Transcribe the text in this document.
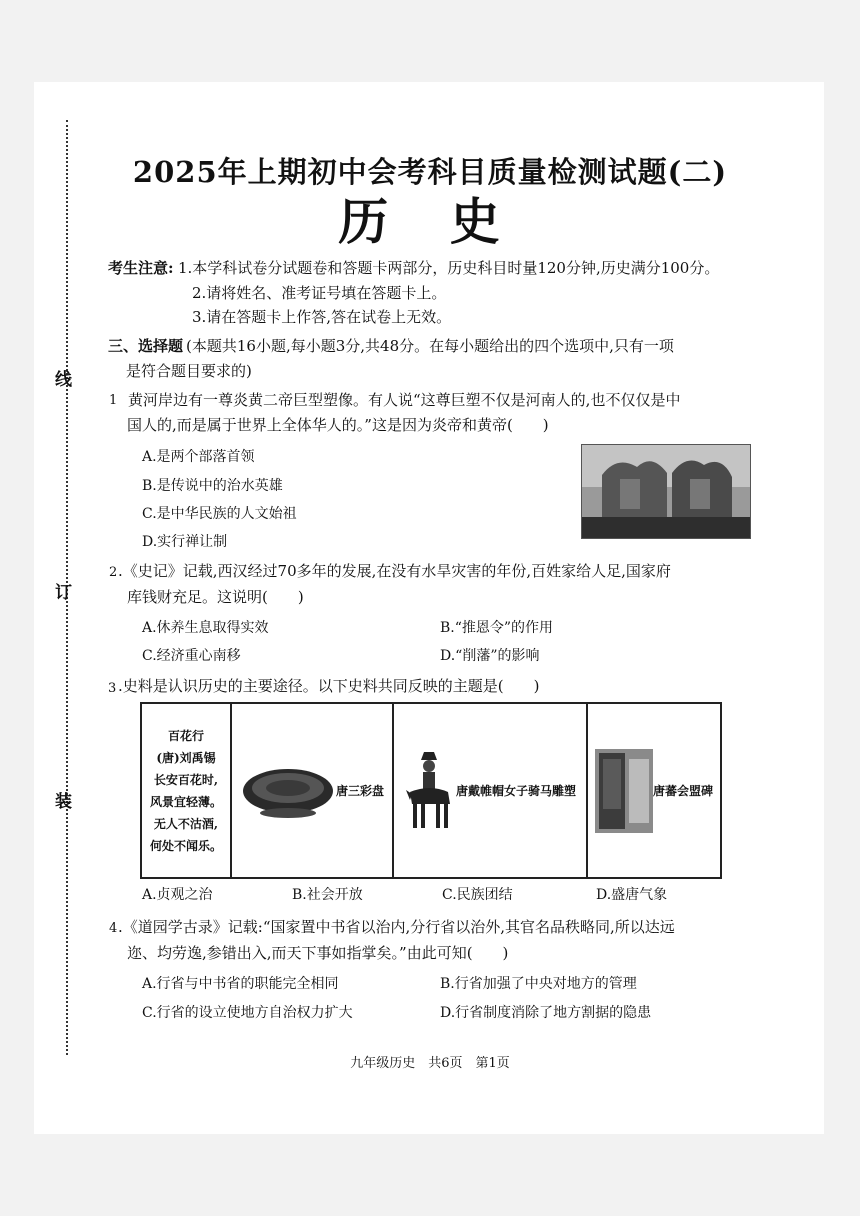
线
订
装
2025年上期初中会考科目质量检测试题(二)
历 史
考生注意: 1.本学科试卷分试题卷和答题卡两部分，历史科目时量120分钟,历史满分100分。
2.请将姓名、准考证号填在答题卡上。
3.请在答题卡上作答,答在试卷上无效。
三、选择题 (本题共16小题,每小题3分,共48分。在每小题给出的四个选项中,只有一项
是符合题目要求的)
1 黄河岸边有一尊炎黄二帝巨型塑像。有人说“这尊巨塑不仅是河南人的,也不仅仅是中
国人的,而是属于世界上全体华人的。”这是因为炎帝和黄帝(　　)
A.是两个部落首领
B.是传说中的治水英雄
C.是中华民族的人文始祖
D.实行禅让制
2 .《史记》记载,西汉经过70多年的发展,在没有水旱灾害的年份,百姓家给人足,国家府
库钱财充足。这说明(　　)
A.休养生息取得实效	B.“推恩令”的作用
C.经济重心南移	D.“削藩”的影响
3 .史料是认识历史的主要途径。以下史料共同反映的主题是(　　)
百花行
(唐)刘禹锡
长安百花时,
风景宜轻薄。
无人不沽酒,
何处不闻乐。

唐三彩盘	唐戴帷帽女子骑马雕塑	唐蕃会盟碑
A.贞观之治	B.社会开放	C.民族团结	D.盛唐气象
4 .《道园学古录》记载:“国家置中书省以治内,分行省以治外,其官名品秩略同,所以达远
迩、均劳逸,参错出入,而天下事如指掌矣。”由此可知(　　)
A.行省与中书省的职能完全相同	B.行省加强了中央对地方的管理
C.行省的设立使地方自治权力扩大	D.行省制度消除了地方割据的隐患
九年级历史　共6页　第1页
